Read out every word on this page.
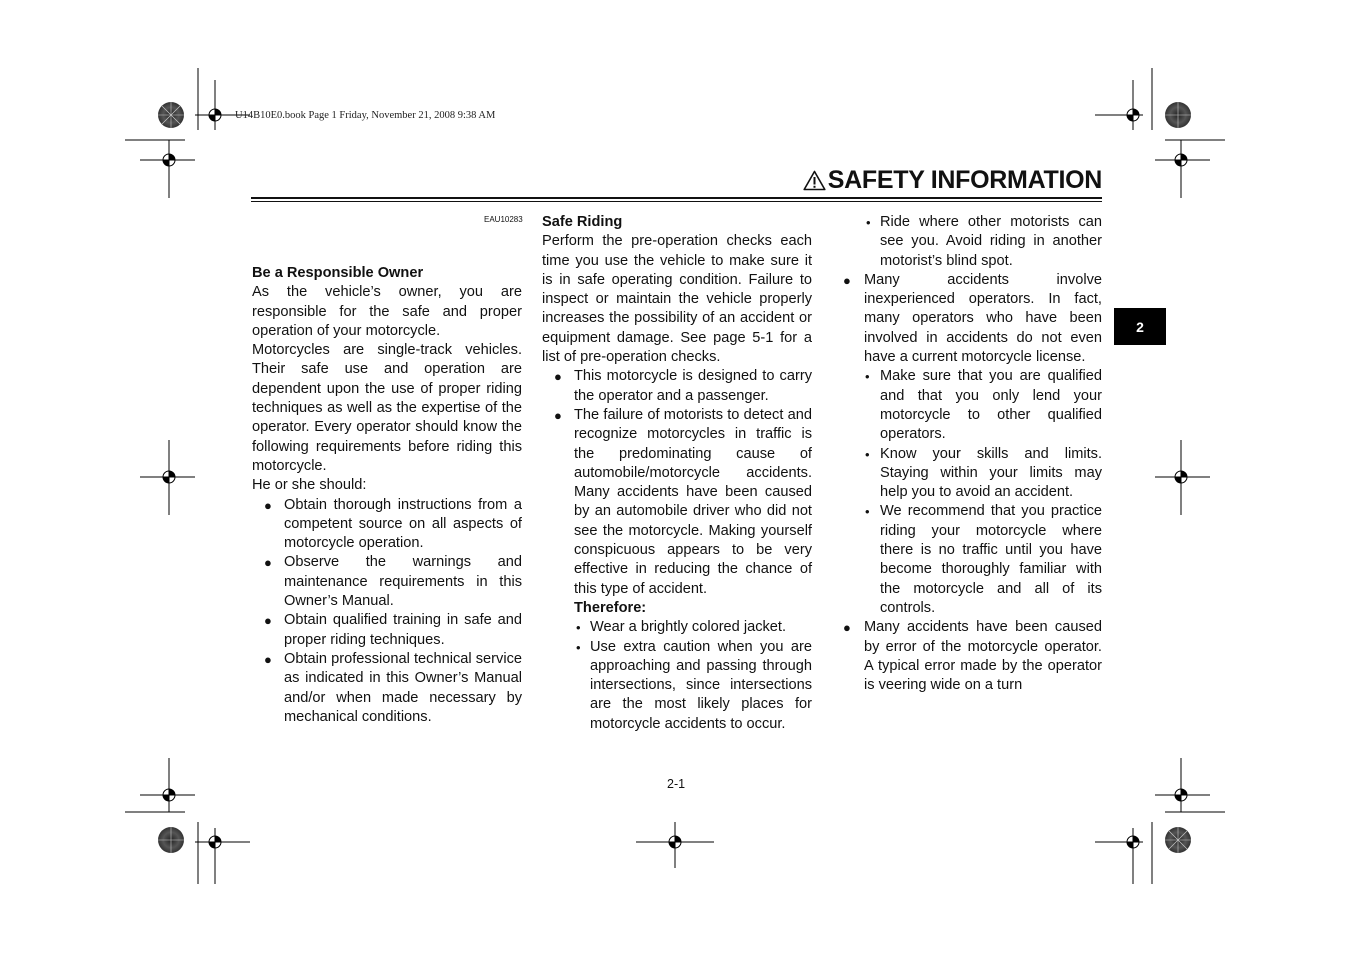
U14B10E0.book Page 1 Friday, November 21, 2008 9:38 AM
SAFETY INFORMATION
EAU10283

Be a Responsible Owner

As the vehicle’s owner, you are responsible for the safe and proper operation of your motorcycle.

Motorcycles are single-track vehicles. Their safe use and operation are dependent upon the use of proper riding techniques as well as the expertise of the operator. Every operator should know the following requirements before riding this motorcycle.

He or she should:

● Obtain thorough instructions from a competent source on all aspects of motorcycle operation.
● Observe the warnings and maintenance requirements in this Owner’s Manual.
● Obtain qualified training in safe and proper riding techniques.
● Obtain professional technical service as indicated in this Owner’s Manual and/or when made necessary by mechanical conditions.

Safe Riding

Perform the pre-operation checks each time you use the vehicle to make sure it is in safe operating condition. Failure to inspect or maintain the vehicle properly increases the possibility of an accident or equipment damage. See page 5-1 for a list of pre-operation checks.

● This motorcycle is designed to carry the operator and a passenger.
● The failure of motorists to detect and recognize motorcycles in traffic is the predominating cause of automobile/motorcycle accidents. Many accidents have been caused by an automobile driver who did not see the motorcycle. Making yourself conspicuous appears to be very effective in reducing the chance of this type of accident.

Therefore:

• Wear a brightly colored jacket.
• Use extra caution when you are approaching and passing through intersections, since intersections are the most likely places for motorcycle accidents to occur.
• Ride where other motorists can see you. Avoid riding in another motorist’s blind spot.
● Many accidents involve inexperienced operators. In fact, many operators who have been involved in accidents do not even have a current motorcycle license.
• Make sure that you are qualified and that you only lend your motorcycle to other qualified operators.
• Know your skills and limits. Staying within your limits may help you to avoid an accident.
• We recommend that you practice riding your motorcycle where there is no traffic until you have become thoroughly familiar with the motorcycle and all of its controls.
● Many accidents have been caused by error of the motorcycle operator. A typical error made by the operator is veering wide on a turn
2
2-1
